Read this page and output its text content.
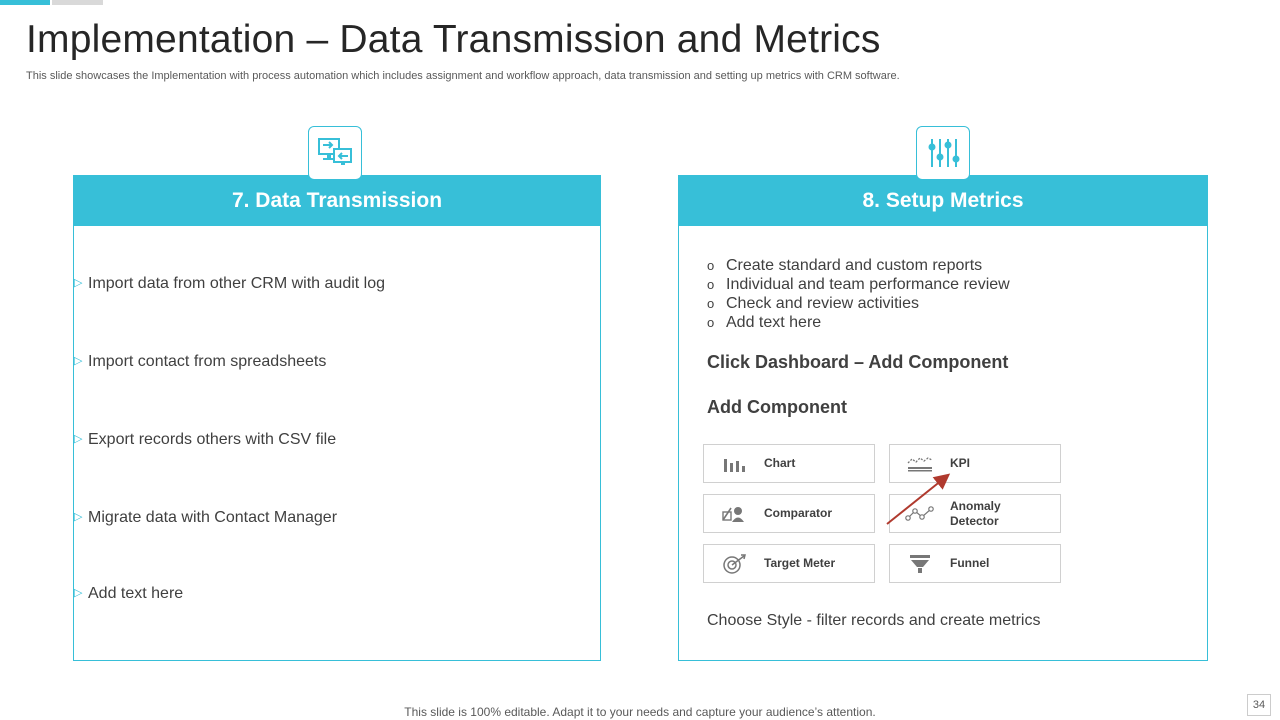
Implementation – Data Transmission and Metrics
This slide showcases the Implementation with process automation which includes assignment and workflow approach, data transmission and setting up metrics with CRM software.
7. Data Transmission
▷ Import data from other CRM with audit log
▷ Import contact from spreadsheets
▷ Export records others with CSV file
▷ Migrate data with Contact Manager
▷ Add text here
8. Setup Metrics
o Create standard and custom reports
o Individual and team performance review
o Check and review activities
o Add text here
Click Dashboard – Add Component
Add Component
Chart	KPI
Comparator
Anomaly Detector
Target Meter	Funnel
Choose Style - filter records and create metrics
This slide is 100% editable. Adapt it to your needs and capture your audience’s attention.	34
